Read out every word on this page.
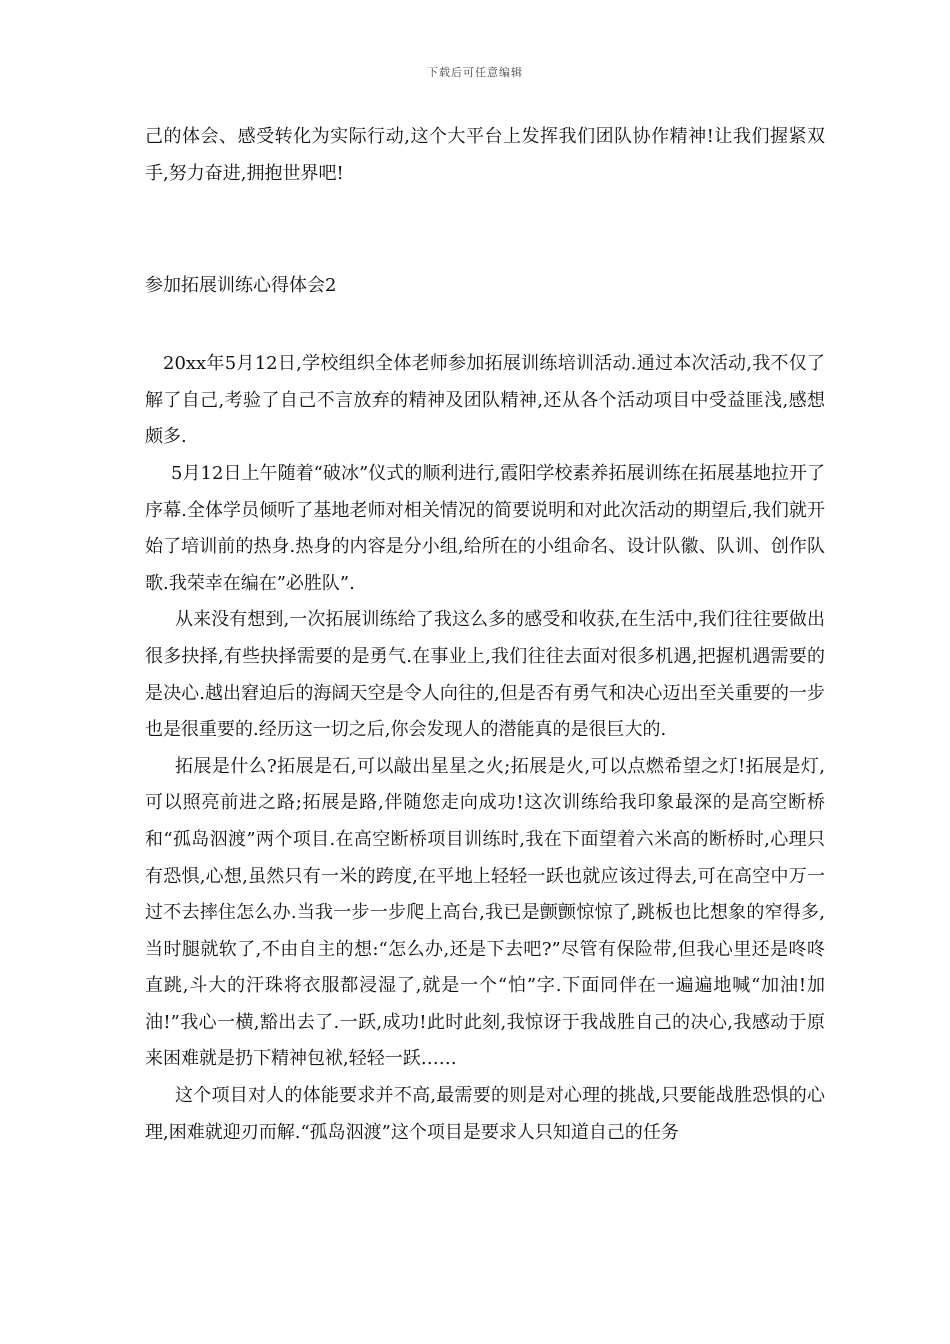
下载后可任意编辑

己的体会、感受转化为实际行动,这个大平台上发挥我们团队协作精神!让我们握紧双手,努力奋进,拥抱世界吧!

参加拓展训练心得体会2

20xx年5月12日,学校组织全体老师参加拓展训练培训活动.通过本次活动,我不仅了解了自己,考验了自己不言放弃的精神及团队精神,还从各个活动项目中受益匪浅,感想颇多.

5月12日上午随着“破冰”仪式的顺利进行,霞阳学校素养拓展训练在拓展基地拉开了序幕.全体学员倾听了基地老师对相关情况的简要说明和对此次活动的期望后,我们就开始了培训前的热身.热身的内容是分小组,给所在的小组命名、设计队徽、队训、创作队歌.我荣幸在编在”必胜队”.

从来没有想到,一次拓展训练给了我这么多的感受和收获,在生活中,我们往往要做出很多抉择,有些抉择需要的是勇气.在事业上,我们往往去面对很多机遇,把握机遇需要的是决心.越出窘迫后的海阔天空是令人向往的,但是否有勇气和决心迈出至关重要的一步也是很重要的.经历这一切之后,你会发现人的潜能真的是很巨大的.

拓展是什么?拓展是石,可以敲出星星之火;拓展是火,可以点燃希望之灯!拓展是灯,可以照亮前进之路;拓展是路,伴随您走向成功!这次训练给我印象最深的是高空断桥和“孤岛泅渡”两个项目.在高空断桥项目训练时,我在下面望着六米高的断桥时,心理只有恐惧,心想,虽然只有一米的跨度,在平地上轻轻一跃也就应该过得去,可在高空中万一过不去摔住怎么办.当我一步一步爬上高台,我已是颤颤惊惊了,跳板也比想象的窄得多,当时腿就软了,不由自主的想:“怎么办,还是下去吧?”尽管有保险带,但我心里还是咚咚直跳,斗大的汗珠将衣服都浸湿了,就是一个“怕”字.下面同伴在一遍遍地喊“加油!加油!”我心一横,豁出去了.一跃,成功!此时此刻,我惊讶于我战胜自己的决心,我感动于原来困难就是扔下精神包袱,轻轻一跃……

这个项目对人的体能要求并不高,最需要的则是对心理的挑战,只要能战胜恐惧的心理,困难就迎刃而解.“孤岛泅渡”这个项目是要求人只知道自己的任务
